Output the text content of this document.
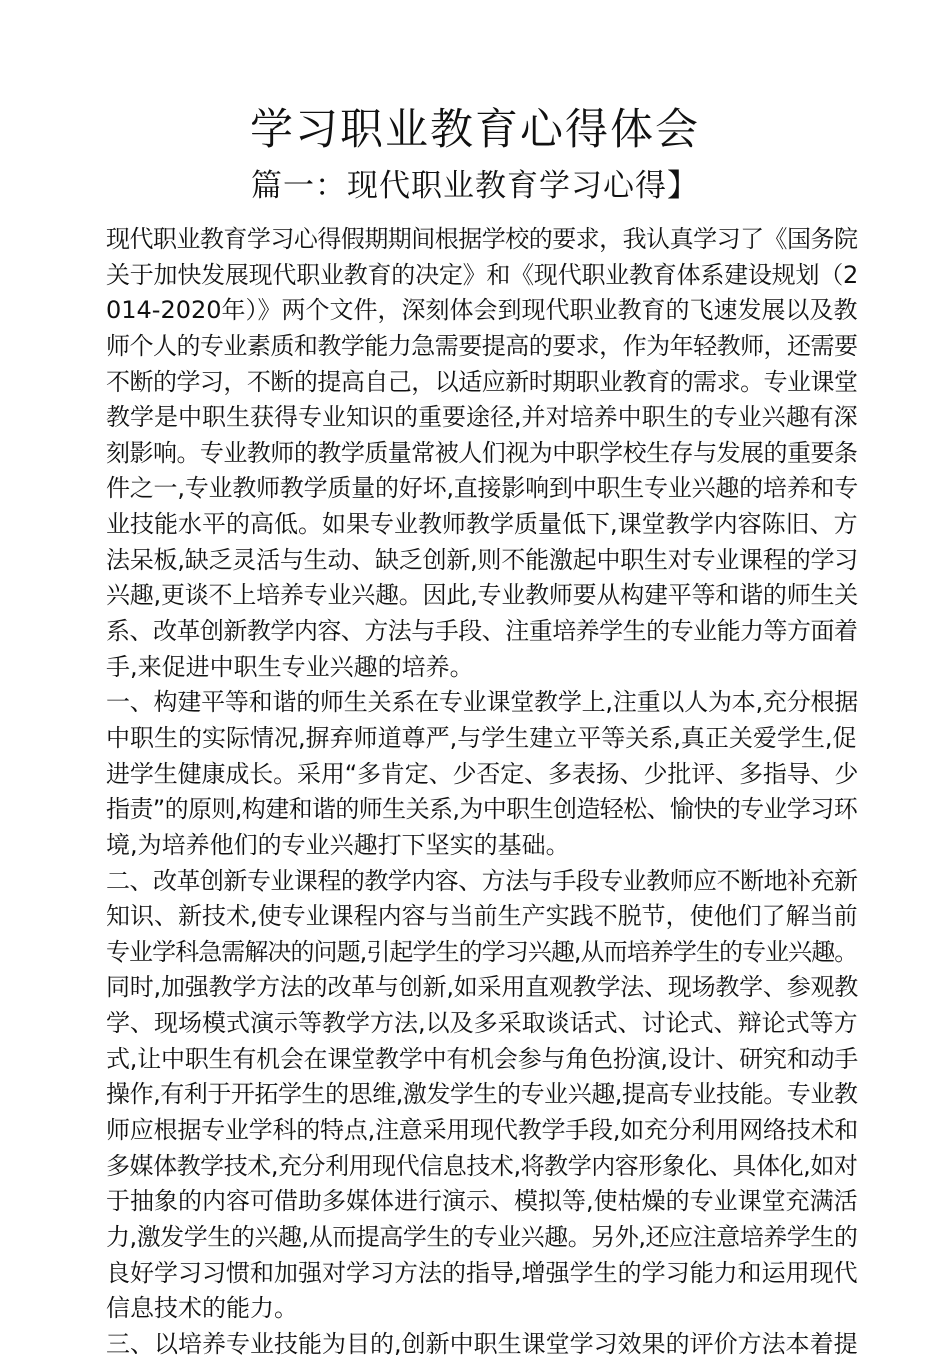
学习职业教育心得体会
篇一：现代职业教育学习心得】
现代职业教育学习心得假期期间根据学校的要求，我认真学习了《国务院
关于加快发展现代职业教育的决定》和《现代职业教育体系建设规划（2
014-2020年）》两个文件，深刻体会到现代职业教育的飞速发展以及教
师个人的专业素质和教学能力急需要提高的要求，作为年轻教师，还需要
不断的学习，不断的提高自己，以适应新时期职业教育的需求。专业课堂
教学是中职生获得专业知识的重要途径,并对培养中职生的专业兴趣有深
刻影响。专业教师的教学质量常被人们视为中职学校生存与发展的重要条
件之一,专业教师教学质量的好坏,直接影响到中职生专业兴趣的培养和专
业技能水平的高低。如果专业教师教学质量低下,课堂教学内容陈旧、方
法呆板,缺乏灵活与生动、缺乏创新,则不能激起中职生对专业课程的学习
兴趣,更谈不上培养专业兴趣。因此,专业教师要从构建平等和谐的师生关
系、改革创新教学内容、方法与手段、注重培养学生的专业能力等方面着
手,来促进中职生专业兴趣的培养。
一、构建平等和谐的师生关系在专业课堂教学上,注重以人为本,充分根据
中职生的实际情况,摒弃师道尊严,与学生建立平等关系,真正关爱学生,促
进学生健康成长。采用“多肯定、少否定、多表扬、少批评、多指导、少
指责”的原则,构建和谐的师生关系,为中职生创造轻松、愉快的专业学习环
境,为培养他们的专业兴趣打下坚实的基础。
二、改革创新专业课程的教学内容、方法与手段专业教师应不断地补充新
知识、新技术,使专业课程内容与当前生产实践不脱节，使他们了解当前
专业学科急需解决的问题,引起学生的学习兴趣,从而培养学生的专业兴趣。
同时,加强教学方法的改革与创新,如采用直观教学法、现场教学、参观教
学、现场模式演示等教学方法,以及多采取谈话式、讨论式、辩论式等方
式,让中职生有机会在课堂教学中有机会参与角色扮演,设计、研究和动手
操作,有利于开拓学生的思维,激发学生的专业兴趣,提高专业技能。专业教
师应根据专业学科的特点,注意采用现代教学手段,如充分利用网络技术和
多媒体教学技术,充分利用现代信息技术,将教学内容形象化、具体化,如对
于抽象的内容可借助多媒体进行演示、模拟等,使枯燥的专业课堂充满活
力,激发学生的兴趣,从而提高学生的专业兴趣。另外,还应注意培养学生的
良好学习习惯和加强对学习方法的指导,增强学生的学习能力和运用现代
信息技术的能力。
三、以培养专业技能为目的,创新中职生课堂学习效果的评价方法本着提
